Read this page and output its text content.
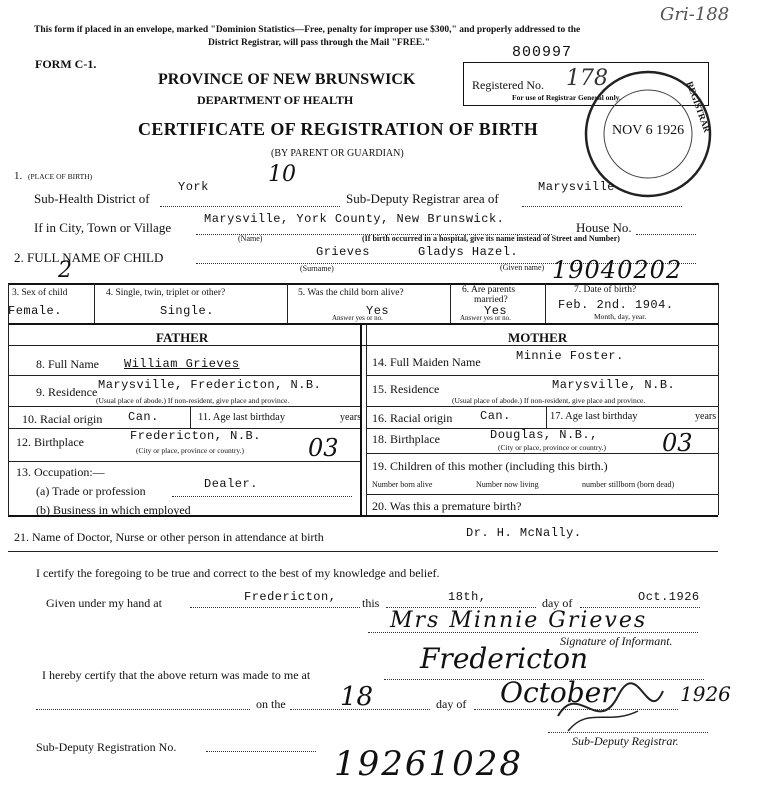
This form if placed in an envelope, marked "Dominion Statistics—Free, penalty for improper use $300," and properly addressed to the
District Registrar, will pass through the Mail "FREE."
Gri-188
800997
FORM C-1.
PROVINCE OF NEW BRUNSWICK
DEPARTMENT OF HEALTH
CERTIFICATE OF REGISTRATION OF BIRTH
(BY PARENT OR GUARDIAN)
Registered No. 178
For use of Registrar General only.
NOV 6 1926 REGISTRAR
1. (PLACE OF BIRTH)
Sub-Health District of
York	10
Sub-Deputy Registrar area of
Marysville
If in City, Town or Village
Marysville, York County, New Brunswick.
House No.
(Name)	(If birth occurred in a hospital, give its name instead of Street and Number)
2. FULL NAME OF CHILD	Grieves	Gladys Hazel.
(Surname)	(Given name)
2	19040202
3. Sex of child
Female.
4. Single, twin, triplet or other?
Single.
5. Was the child born alive?
Yes
Answer yes or no.
6. Are parents
married?
Yes
Answer yes or no.
7. Date of birth?
Feb. 2nd. 1904.
Month, day, year.
FATHER	MOTHER
8. Full Name William Grieves
9. Residence Marysville, Fredericton, N.B.
(Usual place of abode.) If non-resident, give place and province.
10. Racial origin Can.	11. Age last birthday	years
12. Birthplace	Fredericton, N.B. 03
(City or place, province or country.)
13. Occupation:—
(a) Trade or profession	Dealer.
(b) Business in which employed
14. Full Maiden Name	Minnie Foster.
15. Residence	Marysville, N.B.
(Usual place of abode.) If non-resident, give place and province.
16. Racial origin Can.	17. Age last birthday	years
18. Birthplace	Douglas, N.B.,	03
(City or place, province or country.)
19. Children of this mother (including this birth.)
Number born alive	Number now living	number stillborn (born dead)
20. Was this a premature birth?
21. Name of Doctor, Nurse or other person in attendance at birth	Dr. H. McNally.
I certify the foregoing to be true and correct to the best of my knowledge and belief.
Given under my hand at	Fredericton, this	18th,	day of	Oct.1926
Mrs Minnie Grieves
Signature of Informant.
I hereby certify that the above return was made to me at	Fredericton
on the 18	day of October	1926
Sub-Deputy Registrar.
Sub-Deputy Registration No.	19261028
